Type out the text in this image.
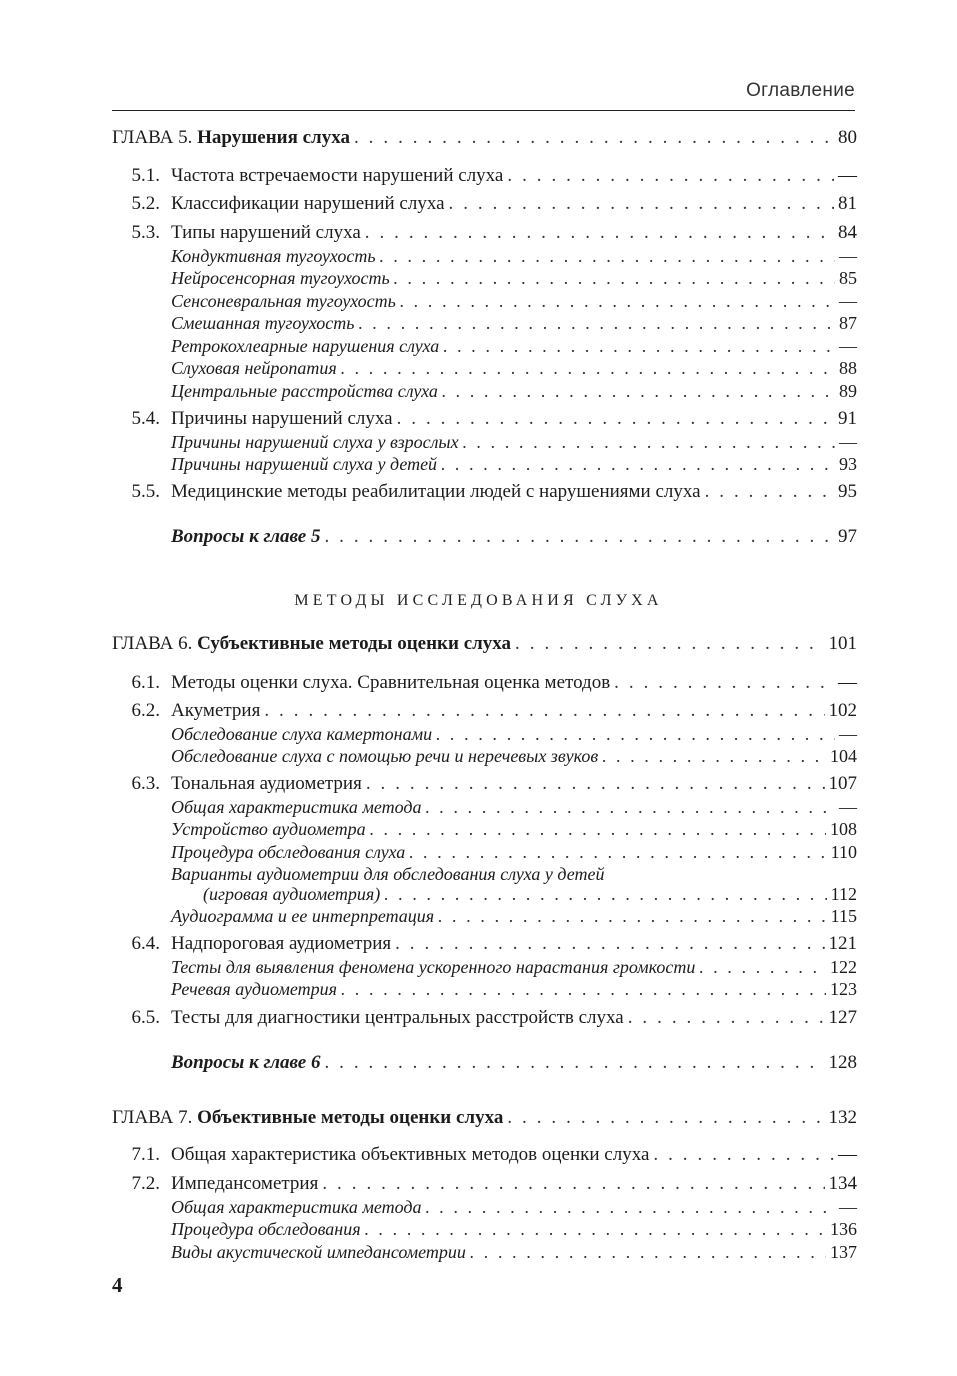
Оглавление
ГЛАВА 5. Нарушения слуха . . .	80
5.1. Частота встречаемости нарушений слуха . . .	—
5.2. Классификации нарушений слуха . . .	81
5.3. Типы нарушений слуха . . .	84
Кондуктивная тугоухость . . .	—
Нейросенсорная тугоухость . . .	85
Сенсоневральная тугоухость . . .	—
Смешанная тугоухость . . .	87
Ретрокохлеарные нарушения слуха . . .	—
Слуховая нейропатия . . .	88
Центральные расстройства слуха . . .	89
5.4. Причины нарушений слуха . . .	91
Причины нарушений слуха у взрослых . . .	—
Причины нарушений слуха у детей . . .	93
5.5. Медицинские методы реабилитации людей с нарушениями слуха . . .	95
Вопросы к главе 5 . . .	97
МЕТОДЫ ИССЛЕДОВАНИЯ СЛУХА
ГЛАВА 6. Субъективные методы оценки слуха . . .	101
6.1. Методы оценки слуха. Сравнительная оценка методов . . .	—
6.2. Акуметрия . . .	102
Обследование слуха камертонами . . .	—
Обследование слуха с помощью речи и неречевых звуков . . .	104
6.3. Тональная аудиометрия . . .	107
Общая характеристика метода . . .	—
Устройство аудиометра . . .	108
Процедура обследования слуха . . .	110
Варианты аудиометрии для обследования слуха у детей
(игровая аудиометрия) . . .	112
Аудиограмма и ее интерпретация . . .	115
6.4. Надпороговая аудиометрия . . .	121
Тесты для выявления феномена ускоренного нарастания громкости . . .	122
Речевая аудиометрия . . .	123
6.5. Тесты для диагностики центральных расстройств слуха . . .	127
Вопросы к главе 6 . . .	128
ГЛАВА 7. Объективные методы оценки слуха . . .	132
7.1. Общая характеристика объективных методов оценки слуха . . .	—
7.2. Импедансометрия . . .	134
Общая характеристика метода . . .	—
Процедура обследования . . .	136
Виды акустической импедансометрии . . .	137
4
